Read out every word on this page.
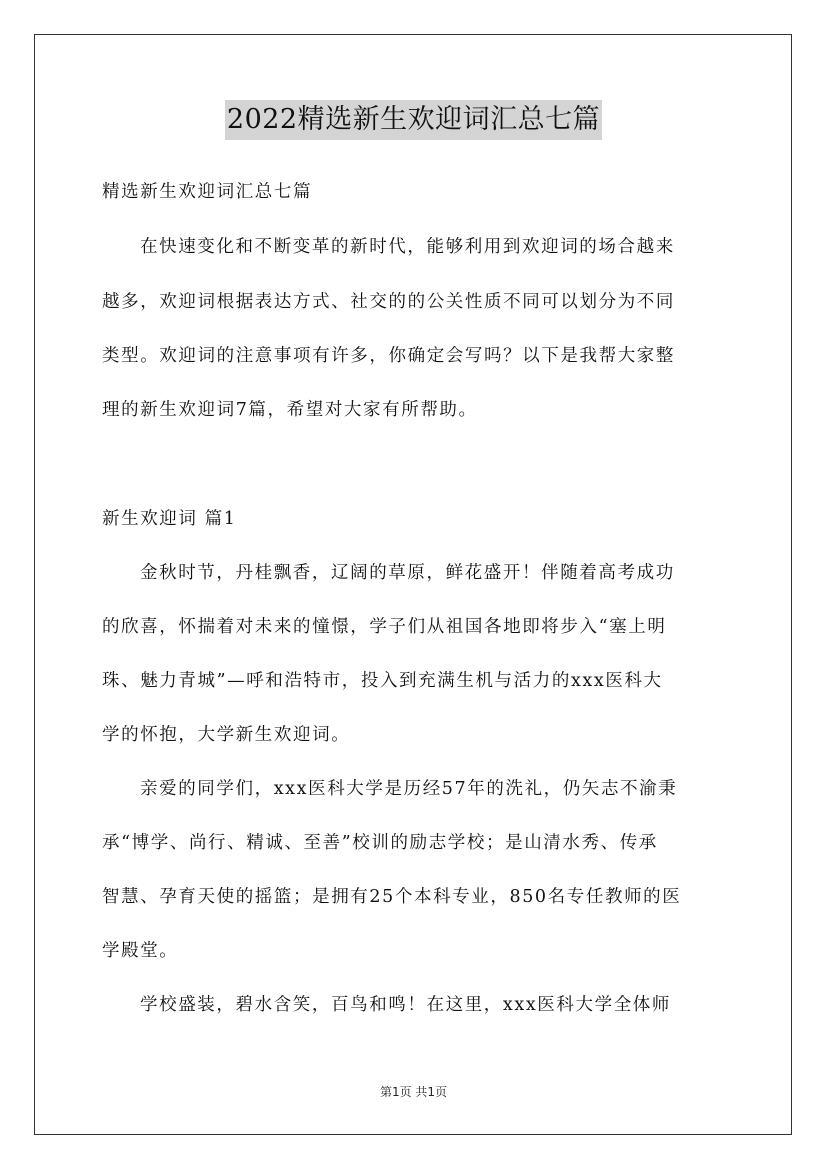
2022精选新生欢迎词汇总七篇
精选新生欢迎词汇总七篇
在快速变化和不断变革的新时代，能够利用到欢迎词的场合越来
越多，欢迎词根据表达方式、社交的的公关性质不同可以划分为不同
类型。欢迎词的注意事项有许多，你确定会写吗？以下是我帮大家整
理的新生欢迎词7篇，希望对大家有所帮助。
新生欢迎词 篇1
金秋时节，丹桂飘香，辽阔的草原，鲜花盛开！伴随着高考成功
的欣喜，怀揣着对未来的憧憬，学子们从祖国各地即将步入“塞上明
珠、魅力青城”—呼和浩特市，投入到充满生机与活力的xxx医科大
学的怀抱，大学新生欢迎词。
亲爱的同学们，xxx医科大学是历经57年的洗礼，仍矢志不渝秉
承“博学、尚行、精诚、至善”校训的励志学校；是山清水秀、传承
智慧、孕育天使的摇篮；是拥有25个本科专业，850名专任教师的医
学殿堂。
学校盛装，碧水含笑，百鸟和鸣！在这里，xxx医科大学全体师
第1页 共1页
